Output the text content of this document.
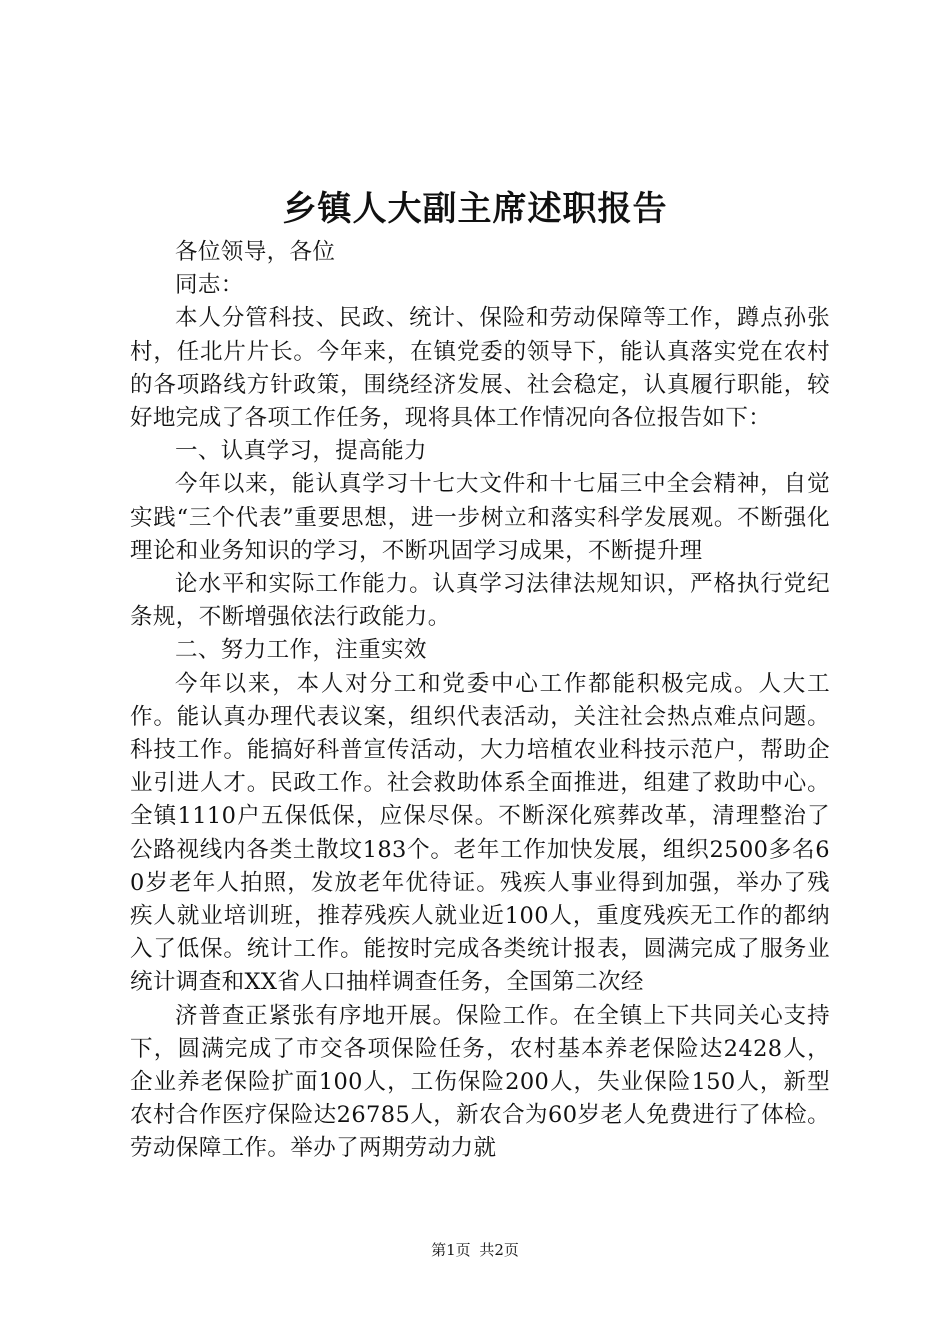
乡镇人大副主席述职报告

各位领导，各位

同志：

本人分管科技、民政、统计、保险和劳动保障等工作，蹲点孙张村，任北片片长。今年来，在镇党委的领导下，能认真落实党在农村的各项路线方针政策，围绕经济发展、社会稳定，认真履行职能，较好地完成了各项工作任务，现将具体工作情况向各位报告如下：

一、认真学习，提高能力

今年以来，能认真学习十七大文件和十七届三中全会精神，自觉实践“三个代表”重要思想，进一步树立和落实科学发展观。不断强化理论和业务知识的学习，不断巩固学习成果，不断提升理

论水平和实际工作能力。认真学习法律法规知识，严格执行党纪条规，不断增强依法行政能力。

二、努力工作，注重实效

今年以来，本人对分工和党委中心工作都能积极完成。人大工作。能认真办理代表议案，组织代表活动，关注社会热点难点问题。科技工作。能搞好科普宣传活动，大力培植农业科技示范户，帮助企业引进人才。民政工作。社会救助体系全面推进，组建了救助中心。全镇1110户五保低保，应保尽保。不断深化殡葬改革，清理整治了公路视线内各类土散坟183个。老年工作加快发展，组织2500多名60岁老年人拍照，发放老年优待证。残疾人事业得到加强，举办了残疾人就业培训班，推荐残疾人就业近100人，重度残疾无工作的都纳入了低保。统计工作。能按时完成各类统计报表，圆满完成了服务业统计调查和XX省人口抽样调查任务，全国第二次经

济普查正紧张有序地开展。保险工作。在全镇上下共同关心支持下，圆满完成了市交各项保险任务，农村基本养老保险达2428人，企业养老保险扩面100人，工伤保险200人，失业保险150人，新型农村合作医疗保险达26785人，新农合为60岁老人免费进行了体检。劳动保障工作。举办了两期劳动力就

第1页 共2页
